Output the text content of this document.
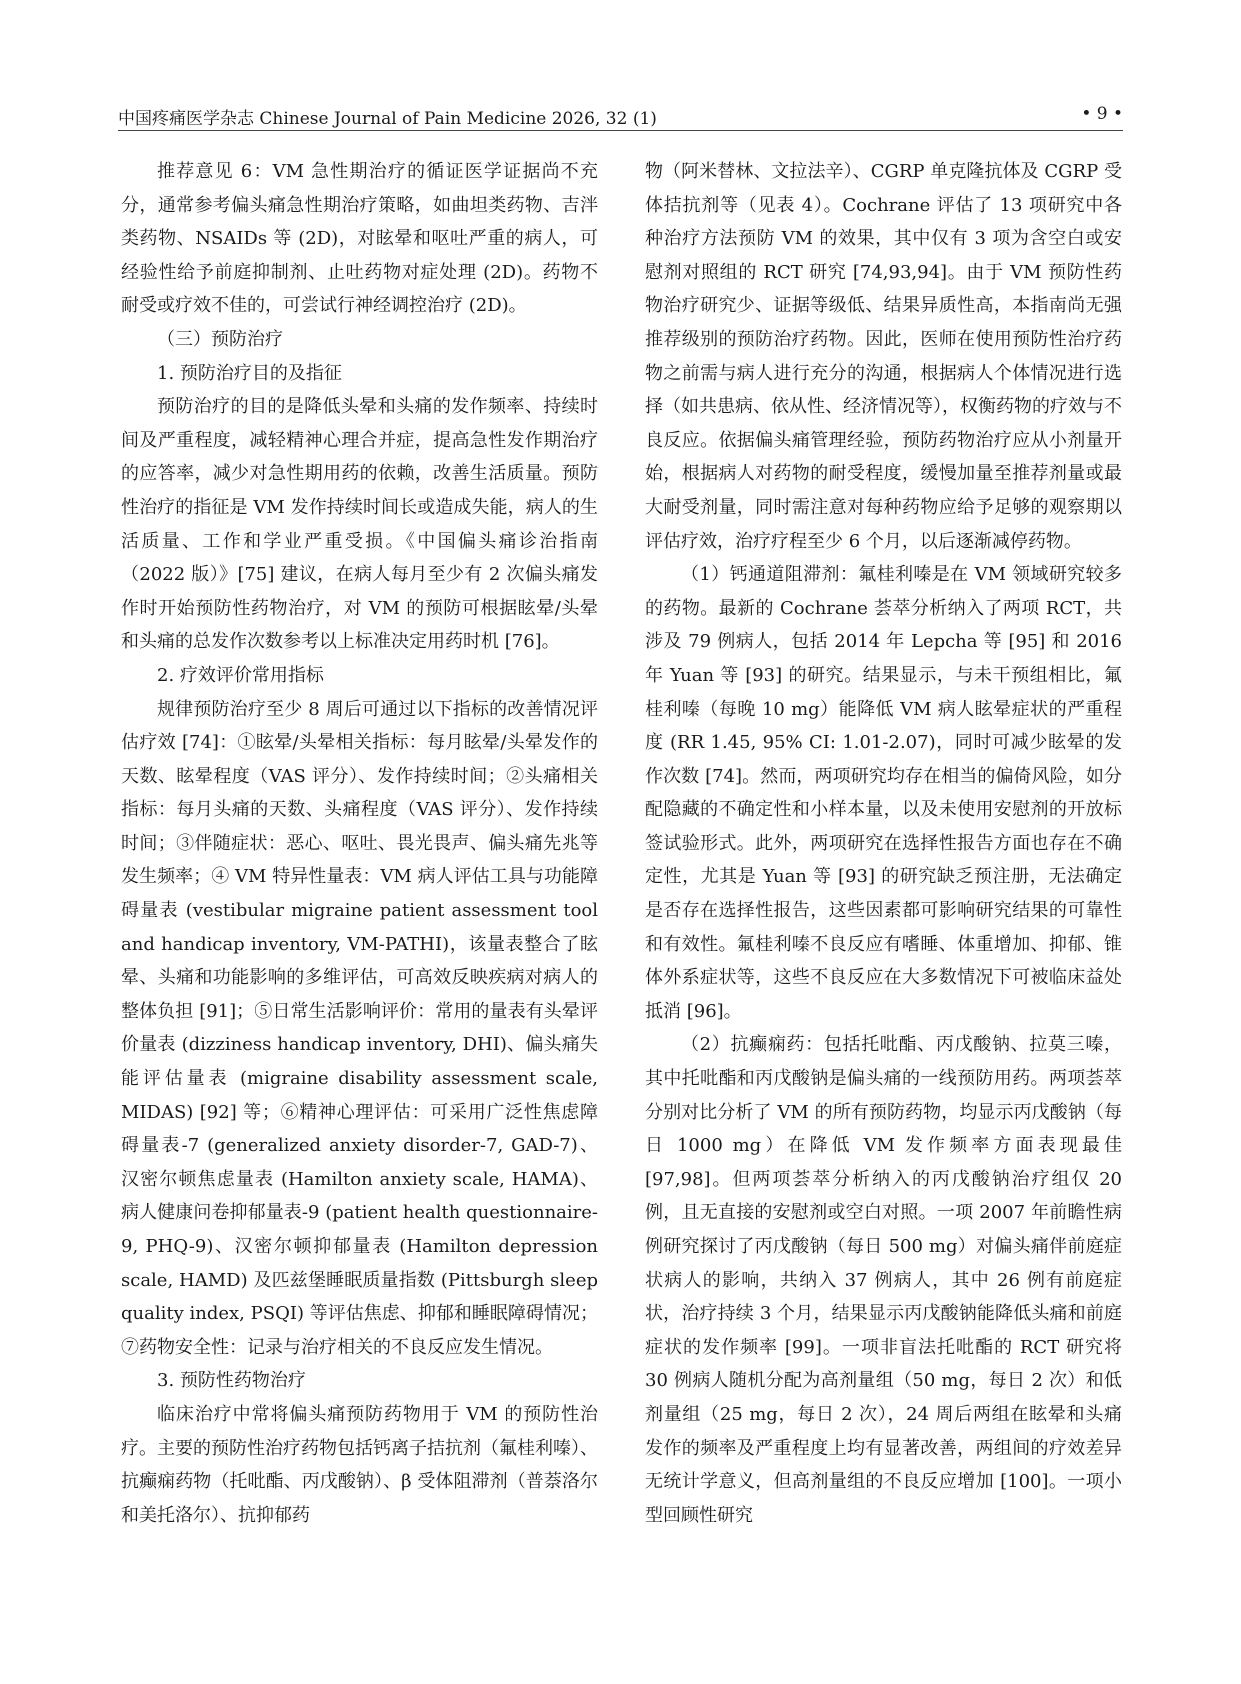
中国疼痛医学杂志 Chinese Journal of Pain Medicine 2026, 32 (1)	• 9 •

推荐意见 6：VM 急性期治疗的循证医学证据尚不充分，通常参考偏头痛急性期治疗策略，如曲坦类药物、吉泮类药物、NSAIDs 等 (2D)，对眩晕和呕吐严重的病人，可经验性给予前庭抑制剂、止吐药物对症处理 (2D)。药物不耐受或疗效不佳的，可尝试行神经调控治疗 (2D)。

（三）预防治疗

1. 预防治疗目的及指征

预防治疗的目的是降低头晕和头痛的发作频率、持续时间及严重程度，减轻精神心理合并症，提高急性发作期治疗的应答率，减少对急性期用药的依赖，改善生活质量。预防性治疗的指征是 VM 发作持续时间长或造成失能，病人的生活质量、工作和学业严重受损。《中国偏头痛诊治指南（2022 版）》[75] 建议，在病人每月至少有 2 次偏头痛发作时开始预防性药物治疗，对 VM 的预防可根据眩晕/头晕和头痛的总发作次数参考以上标准决定用药时机 [76]。

2. 疗效评价常用指标

规律预防治疗至少 8 周后可通过以下指标的改善情况评估疗效 [74]：①眩晕/头晕相关指标：每月眩晕/头晕发作的天数、眩晕程度（VAS 评分）、发作持续时间；②头痛相关指标：每月头痛的天数、头痛程度（VAS 评分）、发作持续时间；③伴随症状：恶心、呕吐、畏光畏声、偏头痛先兆等发生频率；④ VM 特异性量表：VM 病人评估工具与功能障碍量表 (vestibular migraine patient assessment tool and handicap inventory, VM-PATHI)，该量表整合了眩晕、头痛和功能影响的多维评估，可高效反映疾病对病人的整体负担 [91]；⑤日常生活影响评价：常用的量表有头晕评价量表 (dizziness handicap inventory, DHI)、偏头痛失能评估量表 (migraine disability assessment scale, MIDAS) [92] 等；⑥精神心理评估：可采用广泛性焦虑障碍量表-7 (generalized anxiety disorder-7, GAD-7)、汉密尔顿焦虑量表 (Hamilton anxiety scale, HAMA)、病人健康问卷抑郁量表-9 (patient health questionnaire-9, PHQ-9)、汉密尔顿抑郁量表 (Hamilton depression scale, HAMD) 及匹兹堡睡眠质量指数 (Pittsburgh sleep quality index, PSQI) 等评估焦虑、抑郁和睡眠障碍情况；⑦药物安全性：记录与治疗相关的不良反应发生情况。

3. 预防性药物治疗

临床治疗中常将偏头痛预防药物用于 VM 的预防性治疗。主要的预防性治疗药物包括钙离子拮抗剂（氟桂利嗪）、抗癫痫药物（托吡酯、丙戊酸钠）、β 受体阻滞剂（普萘洛尔和美托洛尔）、抗抑郁药

物（阿米替林、文拉法辛）、CGRP 单克隆抗体及 CGRP 受体拮抗剂等（见表 4）。Cochrane 评估了 13 项研究中各种治疗方法预防 VM 的效果，其中仅有 3 项为含空白或安慰剂对照组的 RCT 研究 [74,93,94]。由于 VM 预防性药物治疗研究少、证据等级低、结果异质性高，本指南尚无强推荐级别的预防治疗药物。因此，医师在使用预防性治疗药物之前需与病人进行充分的沟通，根据病人个体情况进行选择（如共患病、依从性、经济情况等），权衡药物的疗效与不良反应。依据偏头痛管理经验，预防药物治疗应从小剂量开始，根据病人对药物的耐受程度，缓慢加量至推荐剂量或最大耐受剂量，同时需注意对每种药物应给予足够的观察期以评估疗效，治疗疗程至少 6 个月，以后逐渐减停药物。

（1）钙通道阻滞剂：氟桂利嗪是在 VM 领域研究较多的药物。最新的 Cochrane 荟萃分析纳入了两项 RCT，共涉及 79 例病人，包括 2014 年 Lepcha 等 [95] 和 2016 年 Yuan 等 [93] 的研究。结果显示，与未干预组相比，氟桂利嗪（每晚 10 mg）能降低 VM 病人眩晕症状的严重程度 (RR 1.45, 95% CI: 1.01-2.07)，同时可减少眩晕的发作次数 [74]。然而，两项研究均存在相当的偏倚风险，如分配隐藏的不确定性和小样本量，以及未使用安慰剂的开放标签试验形式。此外，两项研究在选择性报告方面也存在不确定性，尤其是 Yuan 等 [93] 的研究缺乏预注册，无法确定是否存在选择性报告，这些因素都可影响研究结果的可靠性和有效性。氟桂利嗪不良反应有嗜睡、体重增加、抑郁、锥体外系症状等，这些不良反应在大多数情况下可被临床益处抵消 [96]。

（2）抗癫痫药：包括托吡酯、丙戊酸钠、拉莫三嗪，其中托吡酯和丙戊酸钠是偏头痛的一线预防用药。两项荟萃分别对比分析了 VM 的所有预防药物，均显示丙戊酸钠（每日 1000 mg）在降低 VM 发作频率方面表现最佳 [97,98]。但两项荟萃分析纳入的丙戊酸钠治疗组仅 20 例，且无直接的安慰剂或空白对照。一项 2007 年前瞻性病例研究探讨了丙戊酸钠（每日 500 mg）对偏头痛伴前庭症状病人的影响，共纳入 37 例病人，其中 26 例有前庭症状，治疗持续 3 个月，结果显示丙戊酸钠能降低头痛和前庭症状的发作频率 [99]。一项非盲法托吡酯的 RCT 研究将 30 例病人随机分配为高剂量组（50 mg，每日 2 次）和低剂量组（25 mg，每日 2 次），24 周后两组在眩晕和头痛发作的频率及严重程度上均有显著改善，两组间的疗效差异无统计学意义，但高剂量组的不良反应增加 [100]。一项小型回顾性研究
